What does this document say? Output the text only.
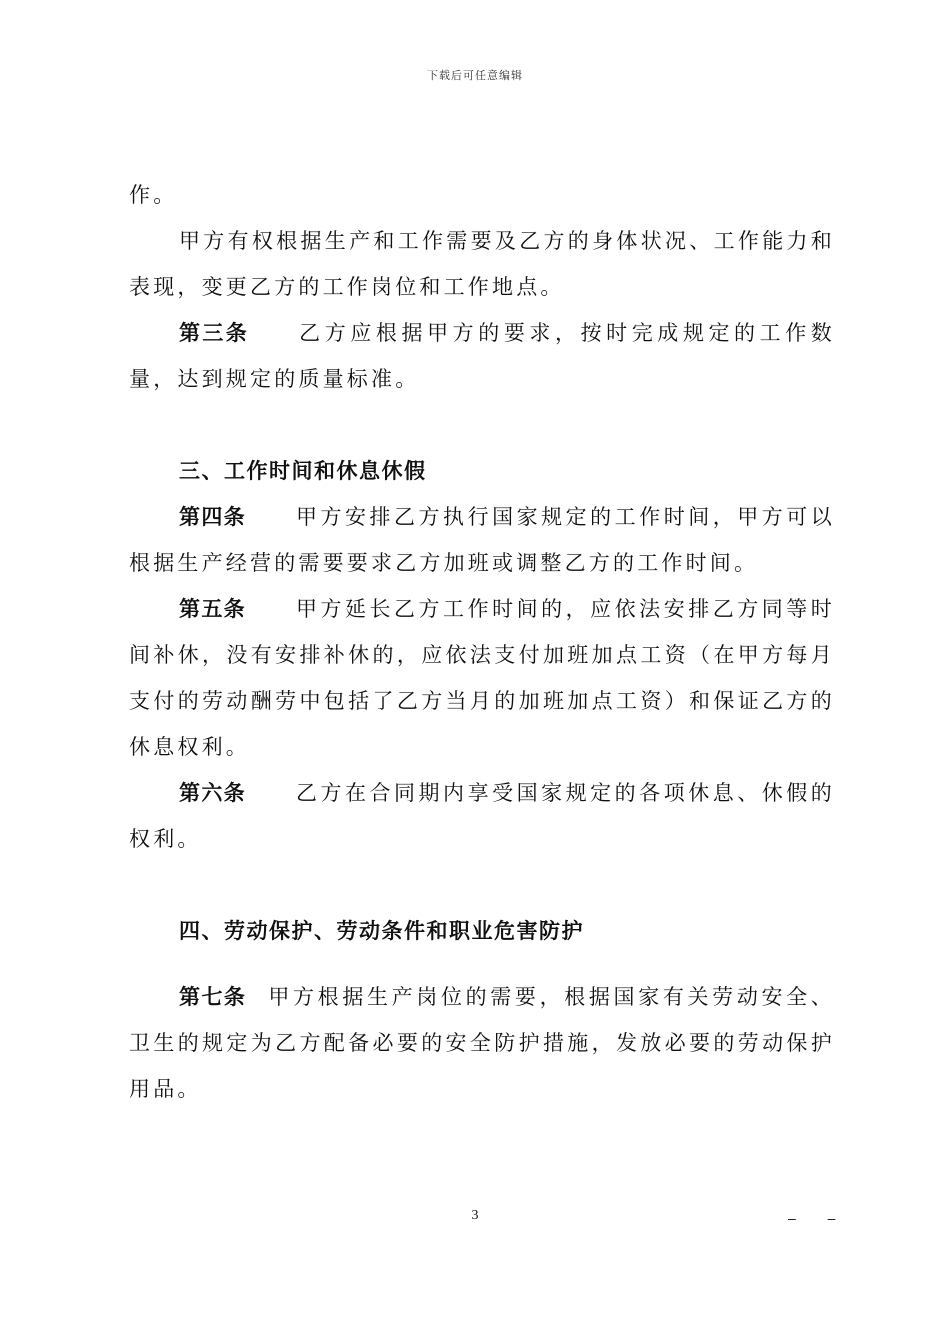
下载后可任意编辑

作。

甲方有权根据生产和工作需要及乙方的身体状况、工作能力和表现，变更乙方的工作岗位和工作地点。

第三条 乙方应根据甲方的要求，按时完成规定的工作数量，达到规定的质量标准。

三、工作时间和休息休假

第四条 甲方安排乙方执行国家规定的工作时间，甲方可以根据生产经营的需要要求乙方加班或调整乙方的工作时间。

第五条 甲方延长乙方工作时间的，应依法安排乙方同等时间补休，没有安排补休的，应依法支付加班加点工资（在甲方每月支付的劳动酬劳中包括了乙方当月的加班加点工资）和保证乙方的休息权利。

第六条 乙方在合同期内享受国家规定的各项休息、休假的权利。

四、劳动保护、劳动条件和职业危害防护

第七条 甲方根据生产岗位的需要，根据国家有关劳动安全、卫生的规定为乙方配备必要的安全防护措施，发放必要的劳动保护用品。

3	– –
